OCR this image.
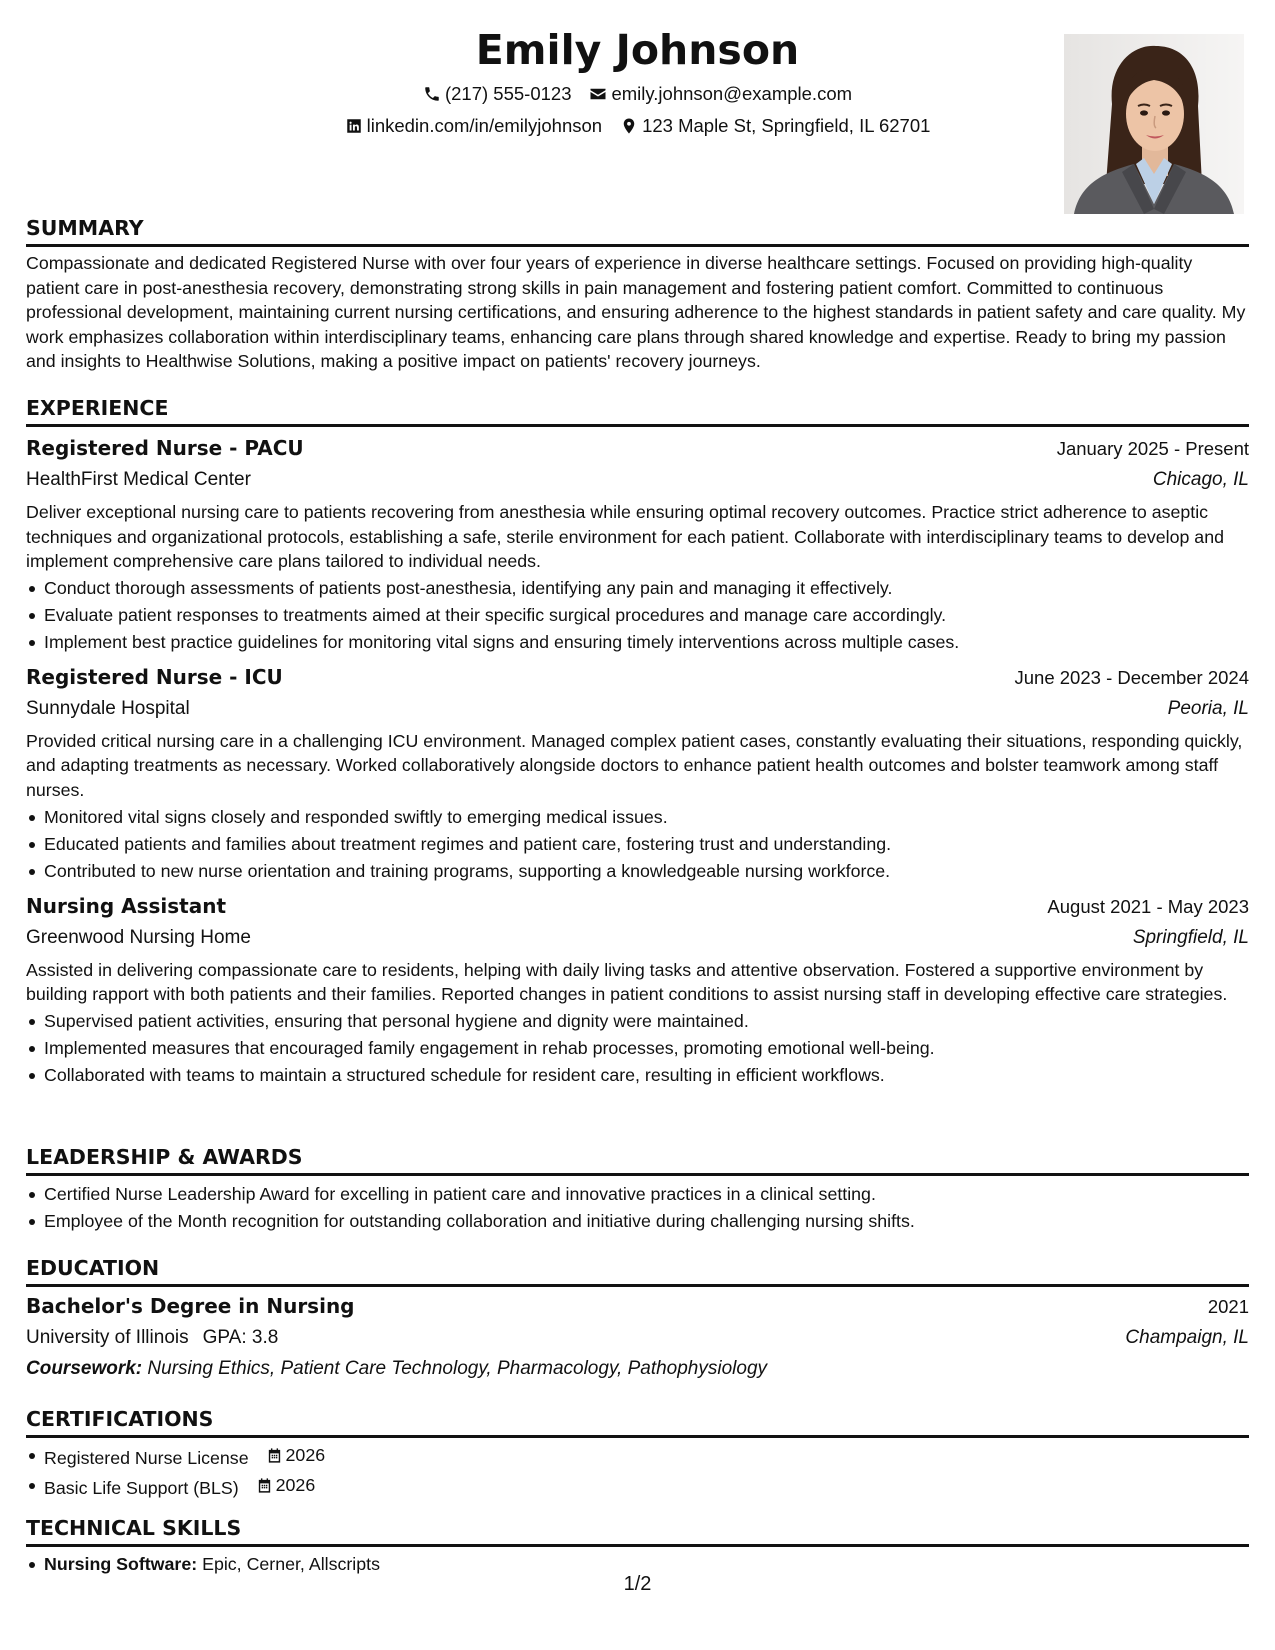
Emily Johnson
(217) 555-0123 emily.johnson@example.com
linkedin.com/in/emilyjohnson 123 Maple St, Springfield, IL 62701
SUMMARY
Compassionate and dedicated Registered Nurse with over four years of experience in diverse healthcare settings. Focused on providing high-quality patient care in post-anesthesia recovery, demonstrating strong skills in pain management and fostering patient comfort. Committed to continuous professional development, maintaining current nursing certifications, and ensuring adherence to the highest standards in patient safety and care quality. My work emphasizes collaboration within interdisciplinary teams, enhancing care plans through shared knowledge and expertise. Ready to bring my passion and insights to Healthwise Solutions, making a positive impact on patients' recovery journeys.
EXPERIENCE
Registered Nurse - PACU	January 2025 - Present
HealthFirst Medical Center	Chicago, IL
Deliver exceptional nursing care to patients recovering from anesthesia while ensuring optimal recovery outcomes. Practice strict adherence to aseptic techniques and organizational protocols, establishing a safe, sterile environment for each patient. Collaborate with interdisciplinary teams to develop and implement comprehensive care plans tailored to individual needs.
Conduct thorough assessments of patients post-anesthesia, identifying any pain and managing it effectively.
Evaluate patient responses to treatments aimed at their specific surgical procedures and manage care accordingly.
Implement best practice guidelines for monitoring vital signs and ensuring timely interventions across multiple cases.
Registered Nurse - ICU	June 2023 - December 2024
Sunnydale Hospital	Peoria, IL
Provided critical nursing care in a challenging ICU environment. Managed complex patient cases, constantly evaluating their situations, responding quickly, and adapting treatments as necessary. Worked collaboratively alongside doctors to enhance patient health outcomes and bolster teamwork among staff nurses.
Monitored vital signs closely and responded swiftly to emerging medical issues.
Educated patients and families about treatment regimes and patient care, fostering trust and understanding.
Contributed to new nurse orientation and training programs, supporting a knowledgeable nursing workforce.
Nursing Assistant	August 2021 - May 2023
Greenwood Nursing Home	Springfield, IL
Assisted in delivering compassionate care to residents, helping with daily living tasks and attentive observation. Fostered a supportive environment by building rapport with both patients and their families. Reported changes in patient conditions to assist nursing staff in developing effective care strategies.
Supervised patient activities, ensuring that personal hygiene and dignity were maintained.
Implemented measures that encouraged family engagement in rehab processes, promoting emotional well-being.
Collaborated with teams to maintain a structured schedule for resident care, resulting in efficient workflows.
LEADERSHIP & AWARDS
Certified Nurse Leadership Award for excelling in patient care and innovative practices in a clinical setting.
Employee of the Month recognition for outstanding collaboration and initiative during challenging nursing shifts.
EDUCATION
Bachelor's Degree in Nursing	2021
University of Illinois GPA: 3.8	Champaign, IL
Coursework: Nursing Ethics, Patient Care Technology, Pharmacology, Pathophysiology
CERTIFICATIONS
Registered Nurse License 2026
Basic Life Support (BLS) 2026
TECHNICAL SKILLS
Nursing Software: Epic, Cerner, Allscripts
1/2
